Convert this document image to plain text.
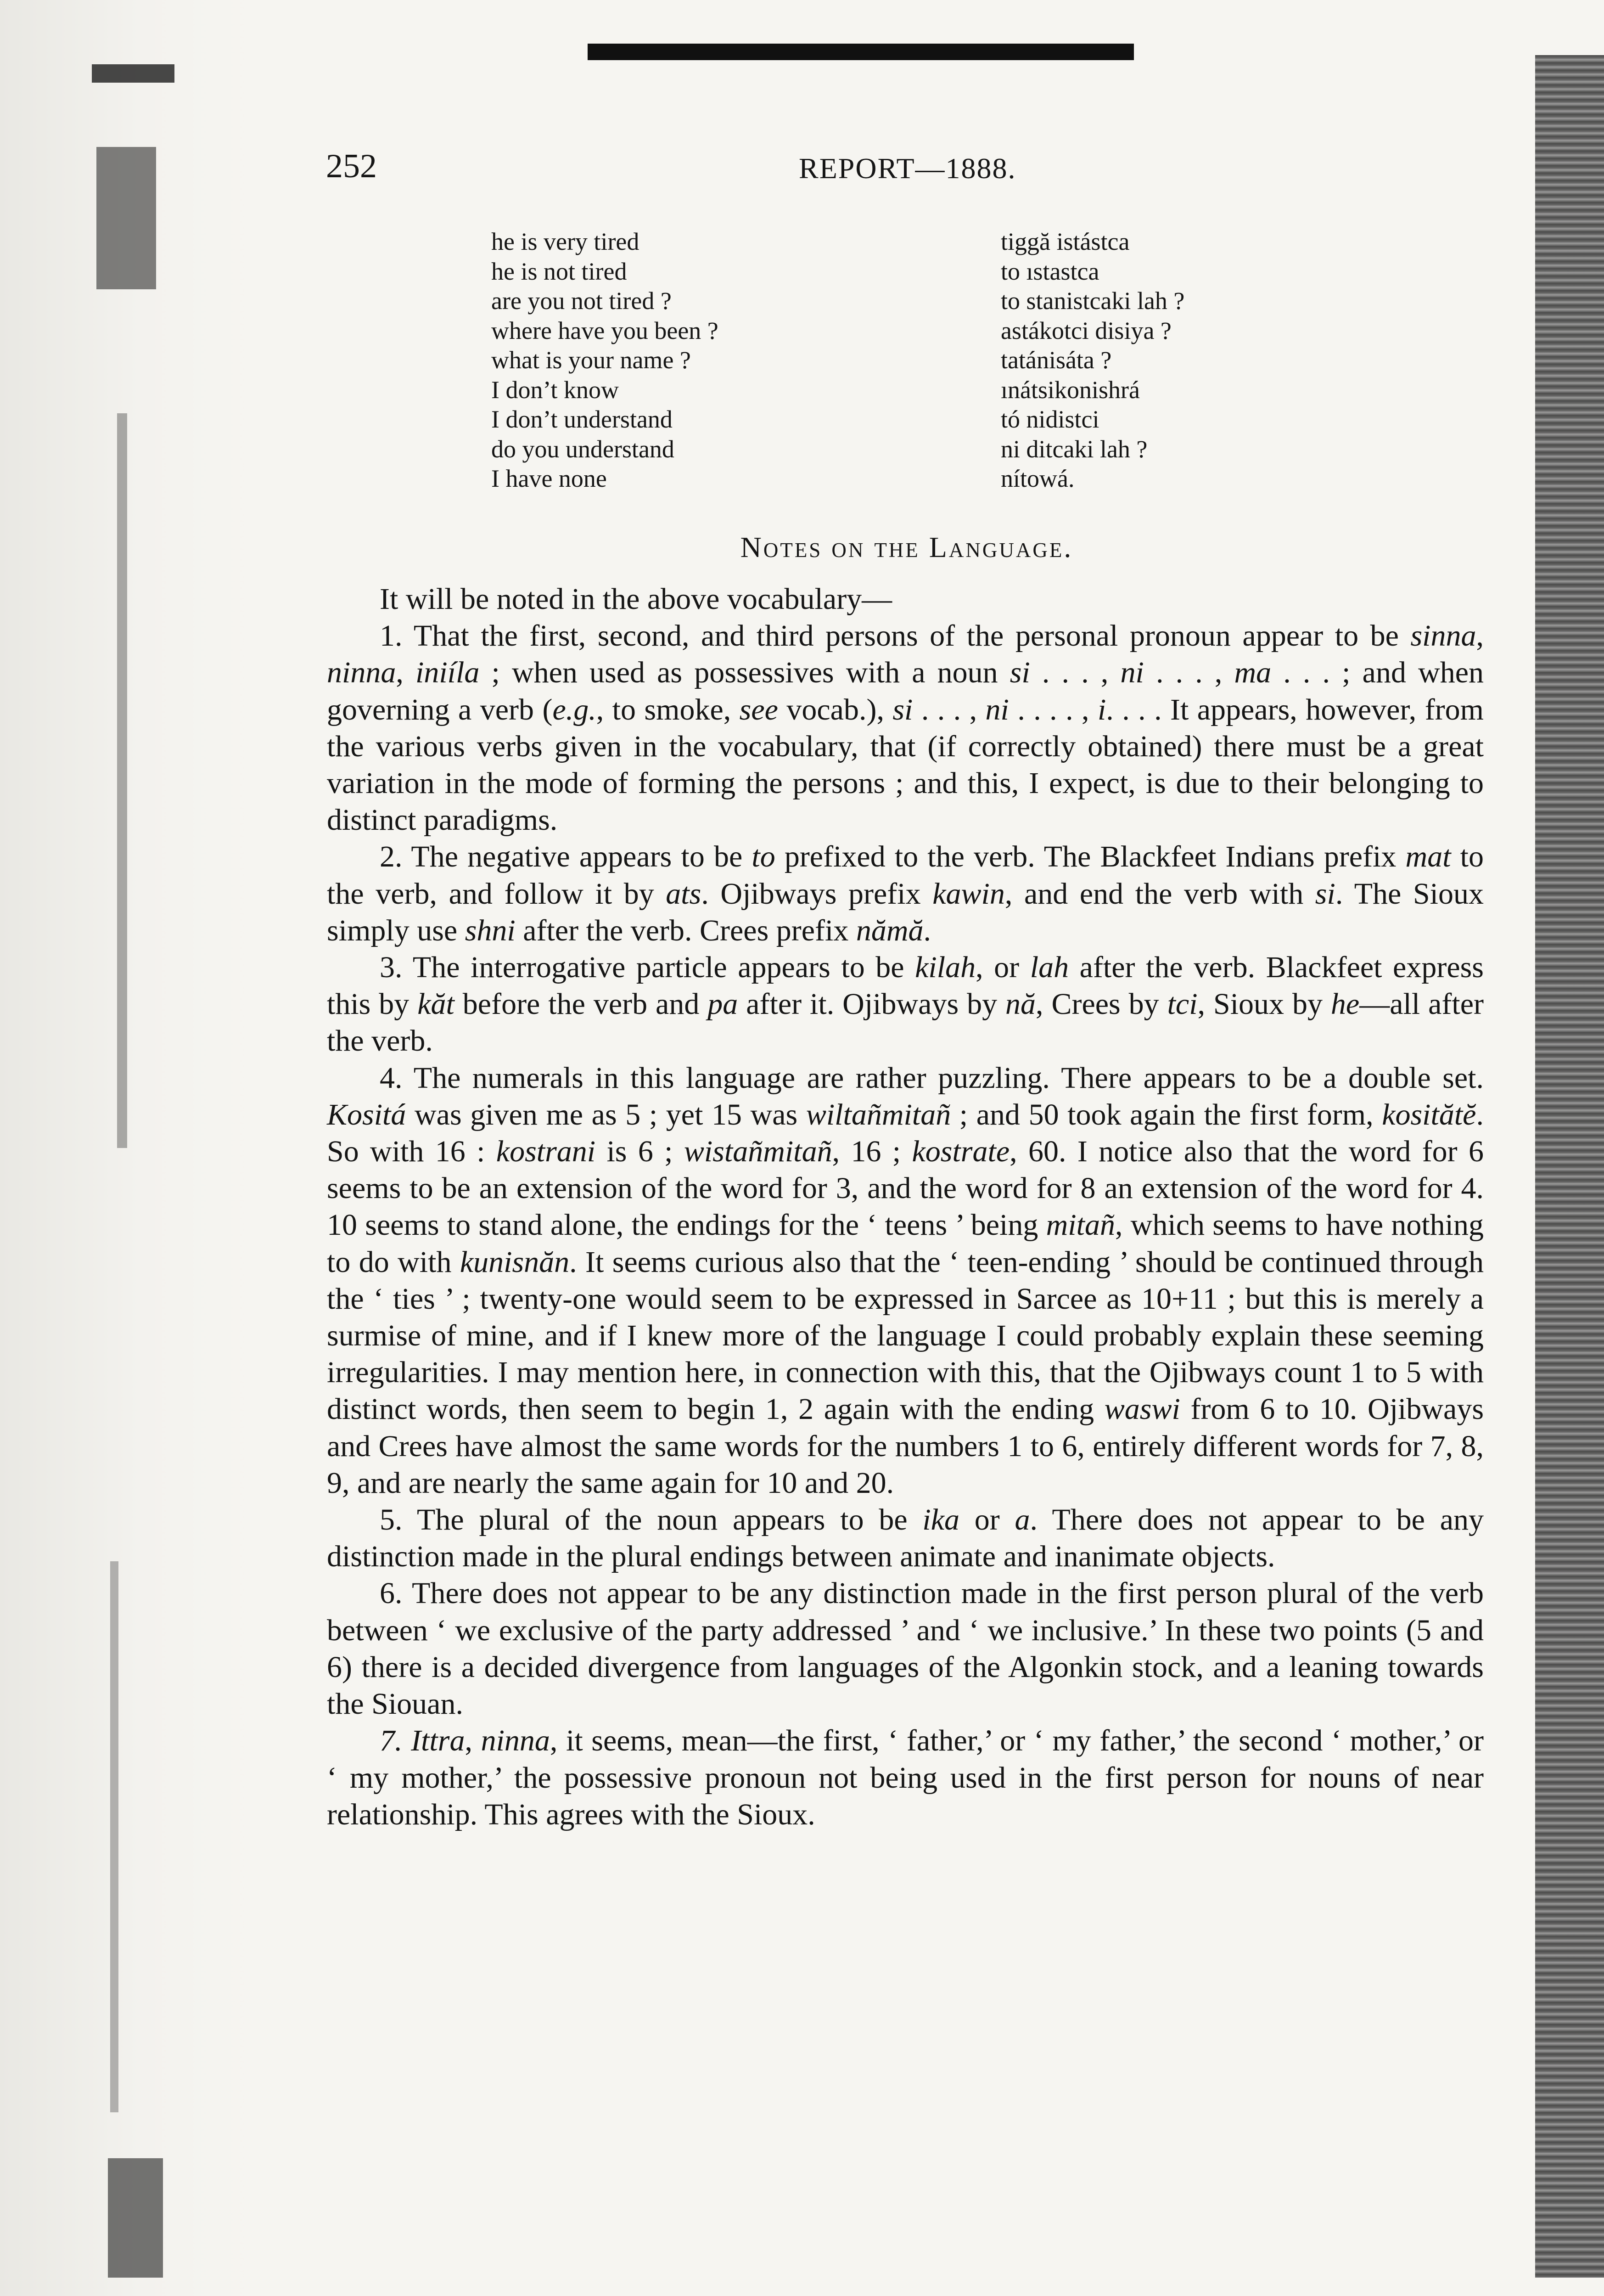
252	REPORT—1888.
he is very tired	tiggă istástca
he is not tired	to ıstastca
are you not tired ?	to stanistcaki lah ?
where have you been ?	astákotci disiya ?
what is your name ?	tatánisáta ?
I don’t know	ınátsikonishrá
I don’t understand	tó nidistci
do you understand	ni ditcaki lah ?
I have none	nítowá.
Notes on the Language.

It will be noted in the above vocabulary—

1. That the first, second, and third persons of the personal pronoun appear to be sinna, ninna, iniíla ; when used as possessives with a noun si . . . , ni . . . , ma . . . ; and when governing a verb (e.g., to smoke, see vocab.), si . . . , ni . . . . , i. . . . It appears, however, from the various verbs given in the vocabulary, that (if correctly obtained) there must be a great variation in the mode of forming the persons ; and this, I expect, is due to their belonging to distinct paradigms.

2. The negative appears to be to prefixed to the verb. The Blackfeet Indians prefix mat to the verb, and follow it by ats. Ojibways prefix kawin, and end the verb with si. The Sioux simply use shni after the verb. Crees prefix nămă.

3. The interrogative particle appears to be kilah, or lah after the verb. Blackfeet express this by kăt before the verb and pa after it. Ojibways by nă, Crees by tci, Sioux by he—all after the verb.

4. The numerals in this language are rather puzzling. There appears to be a double set. Kositá was given me as 5 ; yet 15 was wiltañmitañ ; and 50 took again the first form, kositătĕ. So with 16 : kostrani is 6 ; wistañmitañ, 16 ; kostrate, 60. I notice also that the word for 6 seems to be an extension of the word for 3, and the word for 8 an extension of the word for 4. 10 seems to stand alone, the endings for the ‘ teens ’ being mitañ, which seems to have nothing to do with kunisnăn. It seems curious also that the ‘ teen-ending ’ should be continued through the ‘ ties ’ ; twenty-one would seem to be expressed in Sarcee as 10+11 ; but this is merely a surmise of mine, and if I knew more of the language I could probably explain these seeming irregularities. I may mention here, in connection with this, that the Ojibways count 1 to 5 with distinct words, then seem to begin 1, 2 again with the ending waswi from 6 to 10. Ojibways and Crees have almost the same words for the numbers 1 to 6, entirely different words for 7, 8, 9, and are nearly the same again for 10 and 20.

5. The plural of the noun appears to be ika or a. There does not appear to be any distinction made in the plural endings between animate and inanimate objects.

6. There does not appear to be any distinction made in the first person plural of the verb between ‘ we exclusive of the party addressed ’ and ‘ we inclusive.’ In these two points (5 and 6) there is a decided divergence from languages of the Algonkin stock, and a leaning towards the Siouan.

7. Ittra, ninna, it seems, mean—the first, ‘ father,’ or ‘ my father,’ the second ‘ mother,’ or ‘ my mother,’ the possessive pronoun not being used in the first person for nouns of near relationship. This agrees with the Sioux.
